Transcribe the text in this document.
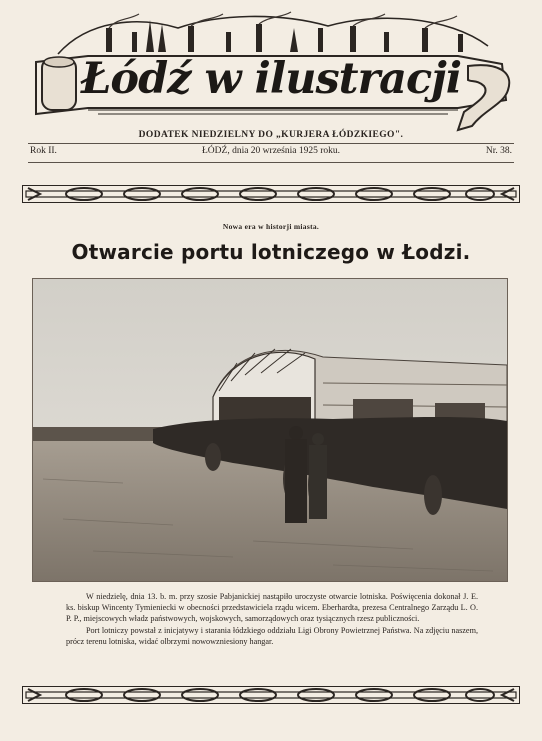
Łódź w ilustracji
DODATEK NIEDZIELNY DO „KURJERA ŁÓDZKIEGO".
Rok II.	ŁÓDŹ, dnia 20 września 1925 roku.	Nr. 38.
Nowa era w historji miasta.
Otwarcie portu lotniczego w Łodzi.

W niedzielę, dnia 13. b. m. przy szosie Pabjanickiej nastąpiło uroczyste otwarcie lotniska. Poświęcenia dokonał J. E. ks. biskup Wincenty Tymieniecki w obecności przedstawiciela rządu wicem. Eberhardta, prezesa Centralnego Zarządu L. O. P. P., miejscowych władz państwowych, wojskowych, samorządowych oraz tysiącznych rzesz publiczności.

Port lotniczy powstał z inicjatywy i starania łódzkiego oddziału Ligi Obrony Powietrznej Państwa. Na zdjęciu naszem, prócz terenu lotniska, widać olbrzymi nowowzniesiony hangar.
